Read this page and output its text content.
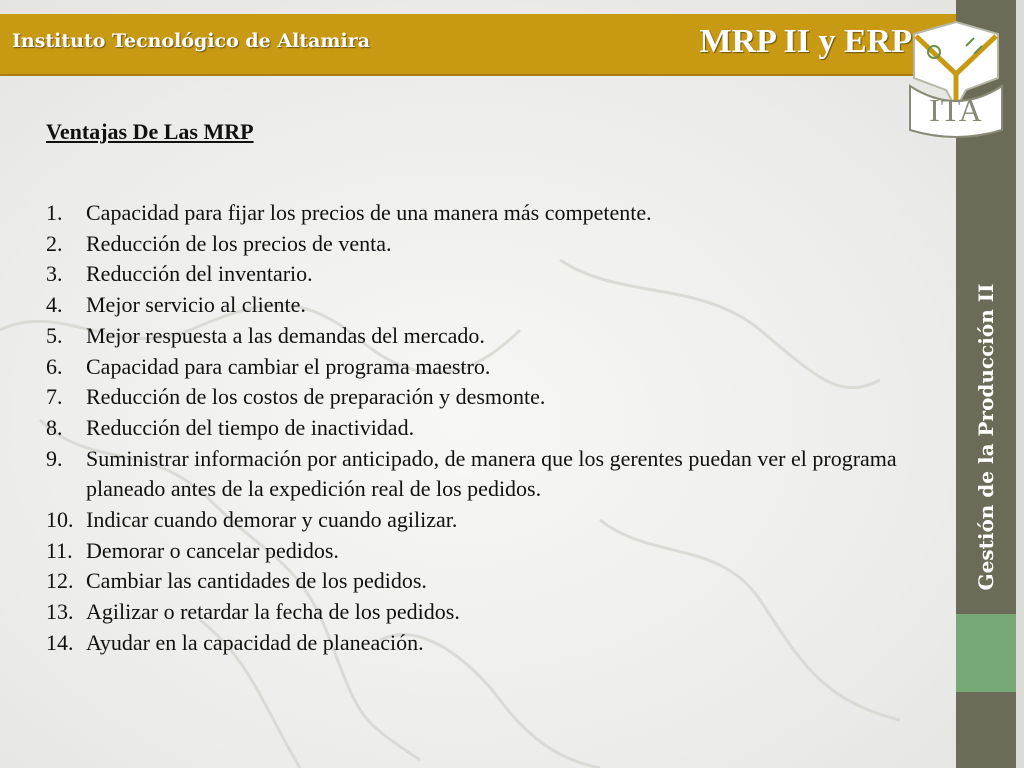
Instituto Tecnológico de Altamira	MRP II y ERP
Gestión de la Producción II
ITA
Ventajas De Las MRP
1.	Capacidad para fijar los precios de una manera más competente.
2.	Reducción de los precios de venta.
3.	Reducción del inventario.
4.	Mejor servicio al cliente.
5.	Mejor respuesta a las demandas del mercado.
6.	Capacidad para cambiar el programa maestro.
7.	Reducción de los costos de preparación y desmonte.
8.	Reducción del tiempo de inactividad.
9.	Suministrar información por anticipado, de manera que los gerentes puedan ver el programa planeado antes de la expedición real de los pedidos.
10. Indicar cuando demorar y cuando agilizar.
11. Demorar o cancelar pedidos.
12. Cambiar las cantidades de los pedidos.
13. Agilizar o retardar la fecha de los pedidos.
14. Ayudar en la capacidad de planeación.
